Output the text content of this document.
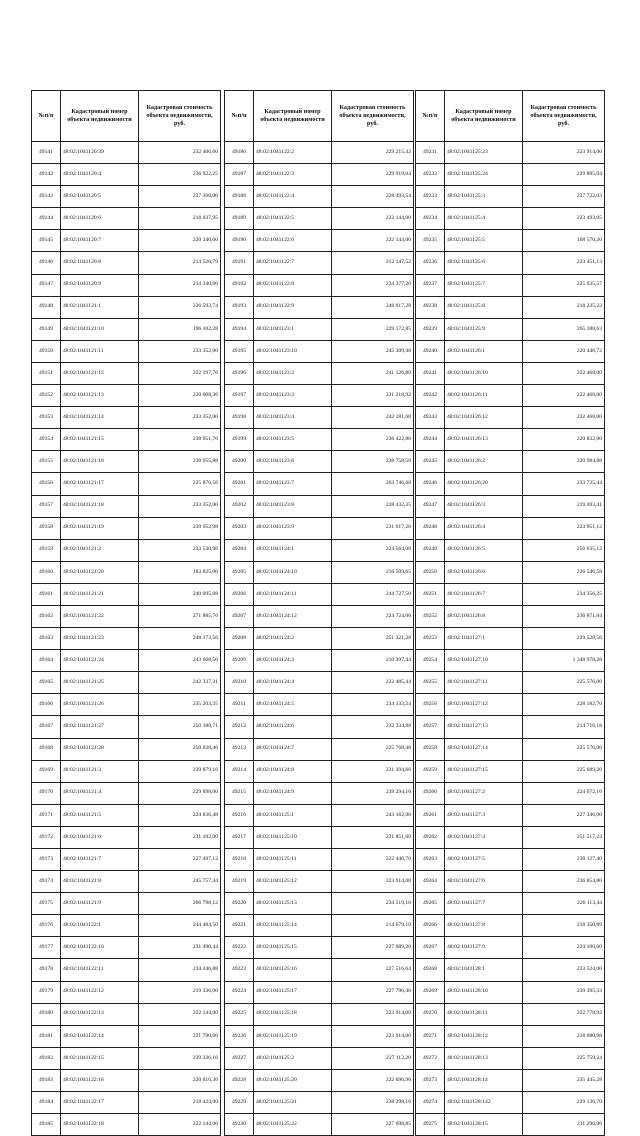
№п/п	Кадастровый номер объекта недвижимости	Кадастровая стоимость объекта недвижимости, руб.
49141	48:02:1041120:39	232 406,60
49142	48:02:1041120:4	236 922,25
49143	48:02:1041120:5	237 368,00
49144	48:02:1041120:6	218 037,95
49145	48:02:1041120:7	220 340,00
49146	48:02:1041120:8	214 520,79
49147	48:02:1041120:9	214 340,60
49148	48:02:1041121:1	226 593,74
49149	48:02:1041121:10	196 102,28
49150	48:02:1041121:11	233 352,00
49151	48:02:1041121:12	222 197,76
49152	48:02:1041121:13	220 008,36
49153	48:02:1041121:14	233 352,00
49154	48:02:1041121:15	238 951,76
49155	48:02:1041121:16	238 955,88
49156	48:02:1041121:17	225 876,56
49157	48:02:1041121:18	233 352,00
49158	48:02:1041121:19	239 952,98
49159	48:02:1041121:2	233 530,96
49160	48:02:1041121:20	183 825,00
49161	48:02:1041121:21	240 095,08
49162	48:02:1041121:22	271 885,76
49163	48:02:1041121:23	248 173,56
49164	48:02:1041121:24	243 668,50
49165	48:02:1041121:25	242 337,31
49166	48:02:1041121:26	235 203,35
49167	48:02:1041121:27	250 188,71
49168	48:02:1041121:28	250 028,46
49169	48:02:1041121:3	239 879,16
49170	48:02:1041121:4	229 898,00
49171	48:02:1041121:5	224 836,48
49172	48:02:1041121:6	231 102,00
49173	48:02:1041121:7	227 497,12
49174	48:02:1041121:8	245 757,44
49175	48:02:1041121:9	266 798,12
49176	48:02:1041122:1	244 484,50
49177	48:02:1041122:10	231 490,44
49178	48:02:1041122:11	234 346,88
49179	48:02:1041122:12	219 336,00
49180	48:02:1041122:13	222 144,00
49181	48:02:1041122:14	221 790,60
49182	48:02:1041122:15	239 336,16
49183	48:02:1041122:16	220 816,36
49184	48:02:1041122:17	218 424,00
49185	48:02:1041122:18	222 144,00
№п/п	Кадастровый номер объекта недвижимости	Кадастровая стоимость объекта недвижимости, руб.
49186	48:02:1041122:2	229 215,42
49187	48:02:1041122:3	229 919,04
49188	48:02:1041122:4	228 493,54
49189	48:02:1041122:5	222 144,00
49190	48:02:1041122:6	222 144,00
49191	48:02:1041122:7	212 147,52
49192	48:02:1041122:8	234 377,20
49193	48:02:1041122:9	248 017,28
49194	48:02:1041123:1	229 172,85
49195	48:02:1041123:10	245 309,48
49196	48:02:1041123:2	241 126,80
49197	48:02:1041123:3	231 218,92
49198	48:02:1041123:4	242 181,60
49199	48:02:1041123:5	236 422,80
49200	48:02:1041123:6	238 758,56
49201	48:02:1041123:7	263 746,68
49202	48:02:1041123:8	228 432,35
49203	48:02:1041123:9	231 017,20
49204	48:02:1041124:1	224 564,06
49205	48:02:1041124:10	216 509,65
49206	48:02:1041124:11	244 727,50
49207	48:02:1041124:12	224 724,06
49208	48:02:1041124:2	251 321,28
49209	48:02:1041124:3	210 397,44
49210	48:02:1041124:4	222 485,44
49211	48:02:1041124:5	234 133,24
49212	48:02:1041124:6	232 334,88
49213	48:02:1041124:7	225 768,48
49214	48:02:1041124:8	231 394,66
49215	48:02:1041124:9	239 294,16
49216	48:02:1041125:1	243 162,00
49217	48:02:1041125:10	231 851,60
49218	48:02:1041125:11	222 446,70
49219	48:02:1041125:12	223 914,00
49220	48:02:1041125:13	234 519,10
49221	48:02:1041125:14	214 679,10
49222	48:02:1041125:15	227 089,20
49223	48:02:1041125:16	227 516,64
49224	48:02:1041125:17	227 796,40
49225	48:02:1041125:18	223 914,00
49226	48:02:1041125:19	223 914,00
49227	48:02:1041125:2	227 113,20
49228	48:02:1041125:20	222 696,96
49229	48:02:1041125:21	238 298,16
49230	48:02:1041125:22	227 698,85
№п/п	Кадастровый номер объекта недвижимости	Кадастровая стоимость объекта недвижимости, руб.
49231	48:02:1041125:23	223 914,00
49232	48:02:1041125:24	229 885,04
49233	48:02:1041125:3	237 722,03
49234	48:02:1041125:4	223 493,05
49235	48:02:1041125:5	168 570,20
49236	48:02:1041125:6	223 451,13
49237	48:02:1041125:7	225 035,57
49238	48:02:1041125:8	218 235,22
49239	48:02:1041125:9	265 188,63
49240	48:02:1041126:1	220 446,72
49241	48:02:1041126:10	222 468,00
49242	48:02:1041126:11	222 468,00
49243	48:02:1041126:12	222 468,00
49244	48:02:1041126:13	220 832,00
49245	48:02:1041126:2	220 984,88
49246	48:02:1041126:20	233 725,44
49247	48:02:1041126:3	219 203,41
49248	48:02:1041126:4	223 951,12
49249	48:02:1041126:5	256 635,12
49250	48:02:1041126:6	226 546,58
49251	48:02:1041126:7	234 356,25
49252	48:02:1041126:8	236 871,84
49253	48:02:1041127:1	229 528,56
49254	48:02:1041127:10	1 348 978,28
49255	48:02:1041127:11	225 576,00
49256	48:02:1041127:12	228 182,70
49257	48:02:1041127:13	214 716,18
49258	48:02:1041127:14	225 576,00
49259	48:02:1041127:15	225 689,20
49260	48:02:1041127:2	224 072,16
49261	48:02:1041127:3	227 346,00
49262	48:02:1041127:4	251 517,24
49263	48:02:1041127:5	238 127,40
49264	48:02:1041127:6	236 854,80
49265	48:02:1041127:7	226 113,44
49266	48:02:1041127:8	218 350,89
49267	48:02:1041127:9	224 100,00
49268	48:02:1041128:1	223 524,00
49269	48:02:1041128:10	239 395,33
49270	48:02:1041128:11	222 778,92
49271	48:02:1041128:12	218 680,98
49272	48:02:1041128:13	225 759,24
49273	48:02:1041128:14	235 445,28
49274	48:02:1041128:142	229 136,70
49275	48:02:1041128:15	211 296,96
